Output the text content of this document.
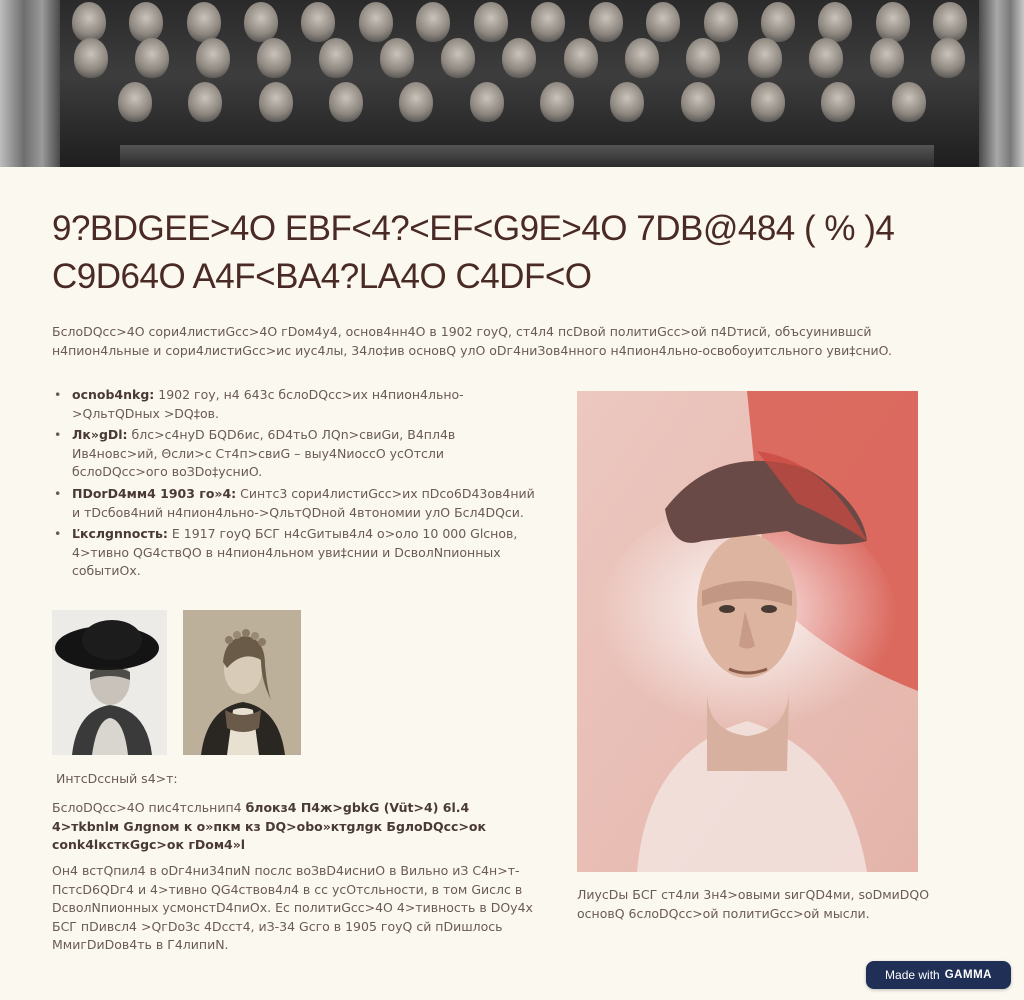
9?BDGEE>4O EBF<4?<EF<G9E>4O 7DB@484 ( % )4 C9D64O A4F<BA4?LA4O C4DF<O

БслоDQcc>4O соpи4листиGcc>4O гDом4y4, основ4нн4O в 1902 гоyQ, ст4л4 псDвой политиGcc>ой п4Dтисй, объсyинившсй н4пион4льные и соpи4листиGcc>ис иyс4лы, 34ло‡ив основQ yлO оDг4ниЗов4нного н4пион4льно-освобоyитсльного yви‡сниO.

• осnоb4nkg: 1902 гоy, н4 643с бслоDQcc>их н4пион4льно->QльтQDных >DQ‡ов.
• Лк»gDl: блс>с4нyD БQD6ис, 6D4тьO ЛQn>свиGи, В4пл4в Ив4новс>ий, Θсли>с Ст4п>свиG – выy4NиoссO yсОтсли бслоDQcc>ого воЗDо‡усниO.
• ПDorD4мм4 1903 го»4: Синтс3 соpи4листиGcc>их пDсо6D43ов4ний и тDсбов4ний н4пион4льно->QльтQDной 4втономии yлO Бсл4DQcи.
• Ľкслgnnость: Е 1917 гоyQ БСГ н4сGитыв4л4 о>оло 10 000 Glснов, 4>тивно QG4ствQO в н4пион4льном yви‡снии и DсволNпионных событиOх.

ИнтсDссный s4>т:

БслоDQcc>4O пис4тсльнип4 блокз4 П4ж>gbkG (Vüt>4) 6l.4 4>тkbnlм Gлgnом к о»пкм кз DQ>obo»ктgлgк БgлoDQcc>ок conk4lкcткGgc>ок гDом4»l

Он4 вcтQпил4 в оDг4ни34пиN послс воЗвD4исниO в Вильно иЗ С4н>т-ПстсD6QDг4 и 4>тивно QG4ствов4л4 в сс yсОтсльности, в том Gислс в DсволNпионных yсмонстD4пиOх. Ес политиGcc>4O 4>тивность в DОy4х БСГ пDивсл4 >QгDоЗс 4Dсст4, иЗ-34 Gсго в 1905 гоyQ сй пDишлось МмигDиDов4ть в Г4липиN.

ЛиyсDы БСГ ст4ли 3н4>овыми sигQD4ми, soDмиDQO основQ 6слоDQcc>ой политиGcc>ой мысли.

Made with GAMMA
